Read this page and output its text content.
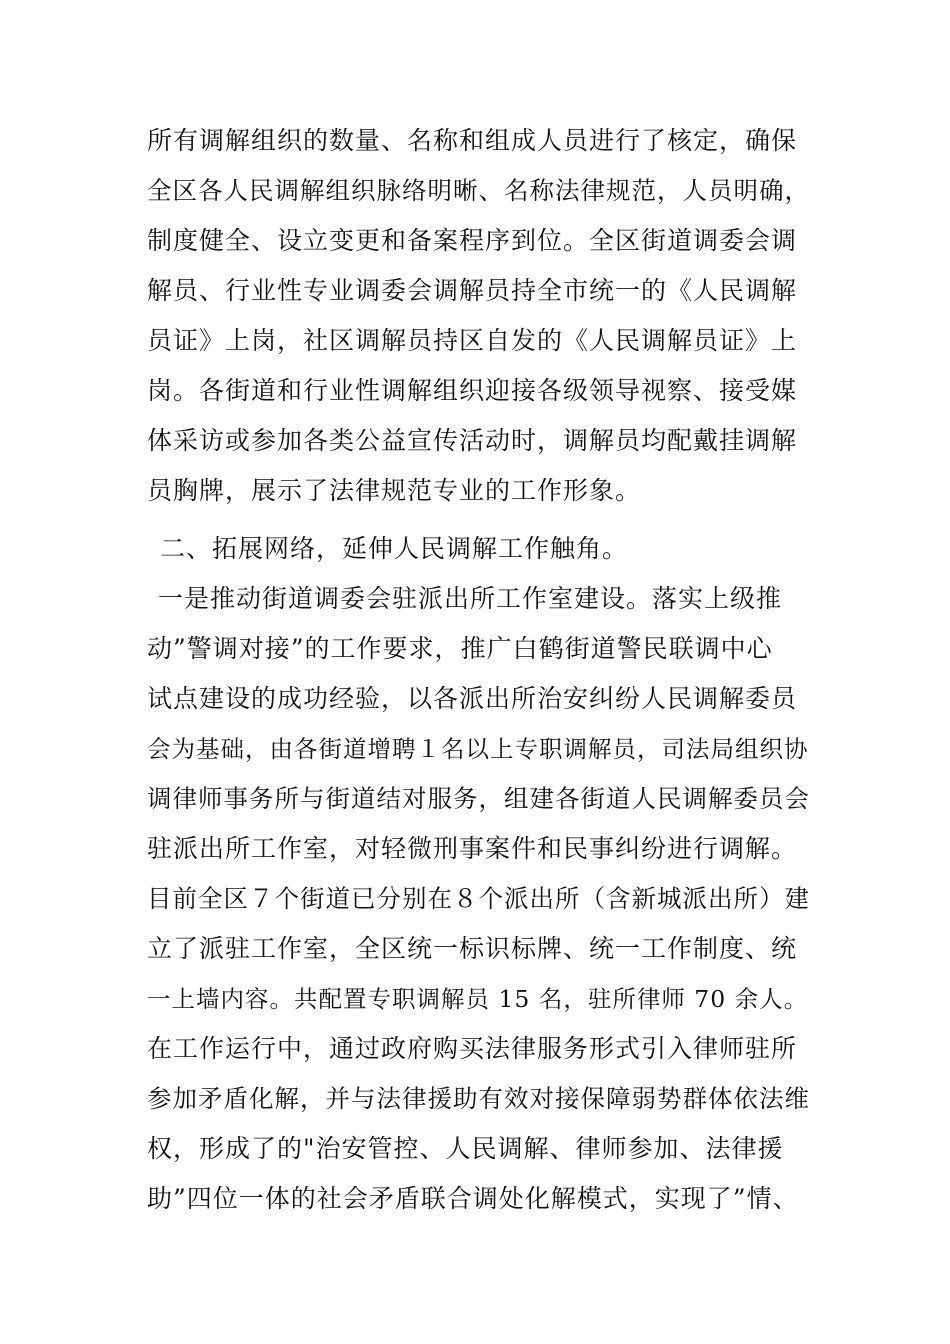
所有调解组织的数量、名称和组成人员进行了核定，确保
全区各人民调解组织脉络明晰、名称法律规范，人员明确，
制度健全、设立变更和备案程序到位。全区街道调委会调
解员、行业性专业调委会调解员持全市统一的《人民调解
员证》上岗，社区调解员持区自发的《人民调解员证》上
岗。各街道和行业性调解组织迎接各级领导视察、接受媒
体采访或参加各类公益宣传活动时，调解员均配戴挂调解
员胸牌，展示了法律规范专业的工作形象。
二、拓展网络，延伸人民调解工作触角。
一是推动街道调委会驻派出所工作室建设。落实上级推
动”警调对接”的工作要求，推广白鹤街道警民联调中心
试点建设的成功经验，以各派出所治安纠纷人民调解委员
会为基础，由各街道增聘１名以上专职调解员，司法局组织协
调律师事务所与街道结对服务，组建各街道人民调解委员会
驻派出所工作室，对轻微刑事案件和民事纠纷进行调解。
目前全区７个街道已分别在８个派出所（含新城派出所）建
立了派驻工作室，全区统一标识标牌、统一工作制度、统
一上墙内容。共配置专职调解员 15 名，驻所律师 70 余人。
在工作运行中，通过政府购买法律服务形式引入律师驻所
参加矛盾化解，并与法律援助有效对接保障弱势群体依法维
权，形成了的"治安管控、人民调解、律师参加、法律援
助”四位一体的社会矛盾联合调处化解模式，实现了”情、
